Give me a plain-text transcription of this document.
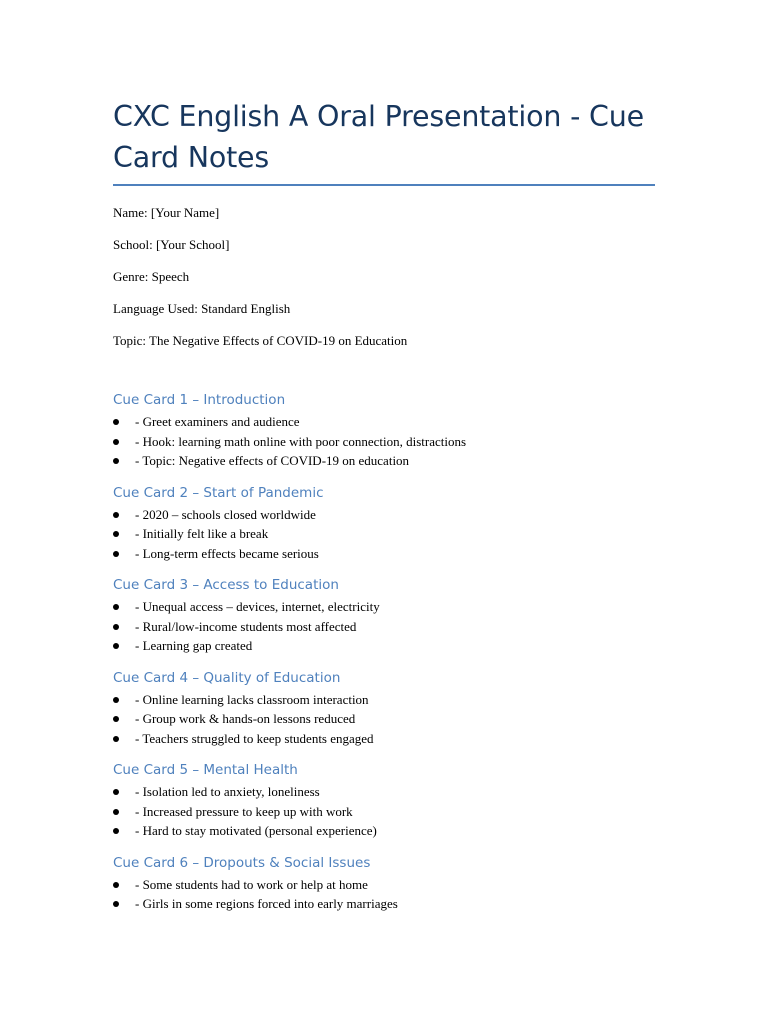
CXC English A Oral Presentation - Cue Card Notes

Name: [Your Name]

School: [Your School]

Genre: Speech

Language Used: Standard English

Topic: The Negative Effects of COVID-19 on Education

Cue Card 1 – Introduction
- Greet examiners and audience
- Hook: learning math online with poor connection, distractions
- Topic: Negative effects of COVID-19 on education
Cue Card 2 – Start of Pandemic
- 2020 – schools closed worldwide
- Initially felt like a break
- Long-term effects became serious
Cue Card 3 – Access to Education
- Unequal access – devices, internet, electricity
- Rural/low-income students most affected
- Learning gap created
Cue Card 4 – Quality of Education
- Online learning lacks classroom interaction
- Group work & hands-on lessons reduced
- Teachers struggled to keep students engaged
Cue Card 5 – Mental Health
- Isolation led to anxiety, loneliness
- Increased pressure to keep up with work
- Hard to stay motivated (personal experience)
Cue Card 6 – Dropouts & Social Issues
- Some students had to work or help at home
- Girls in some regions forced into early marriages
